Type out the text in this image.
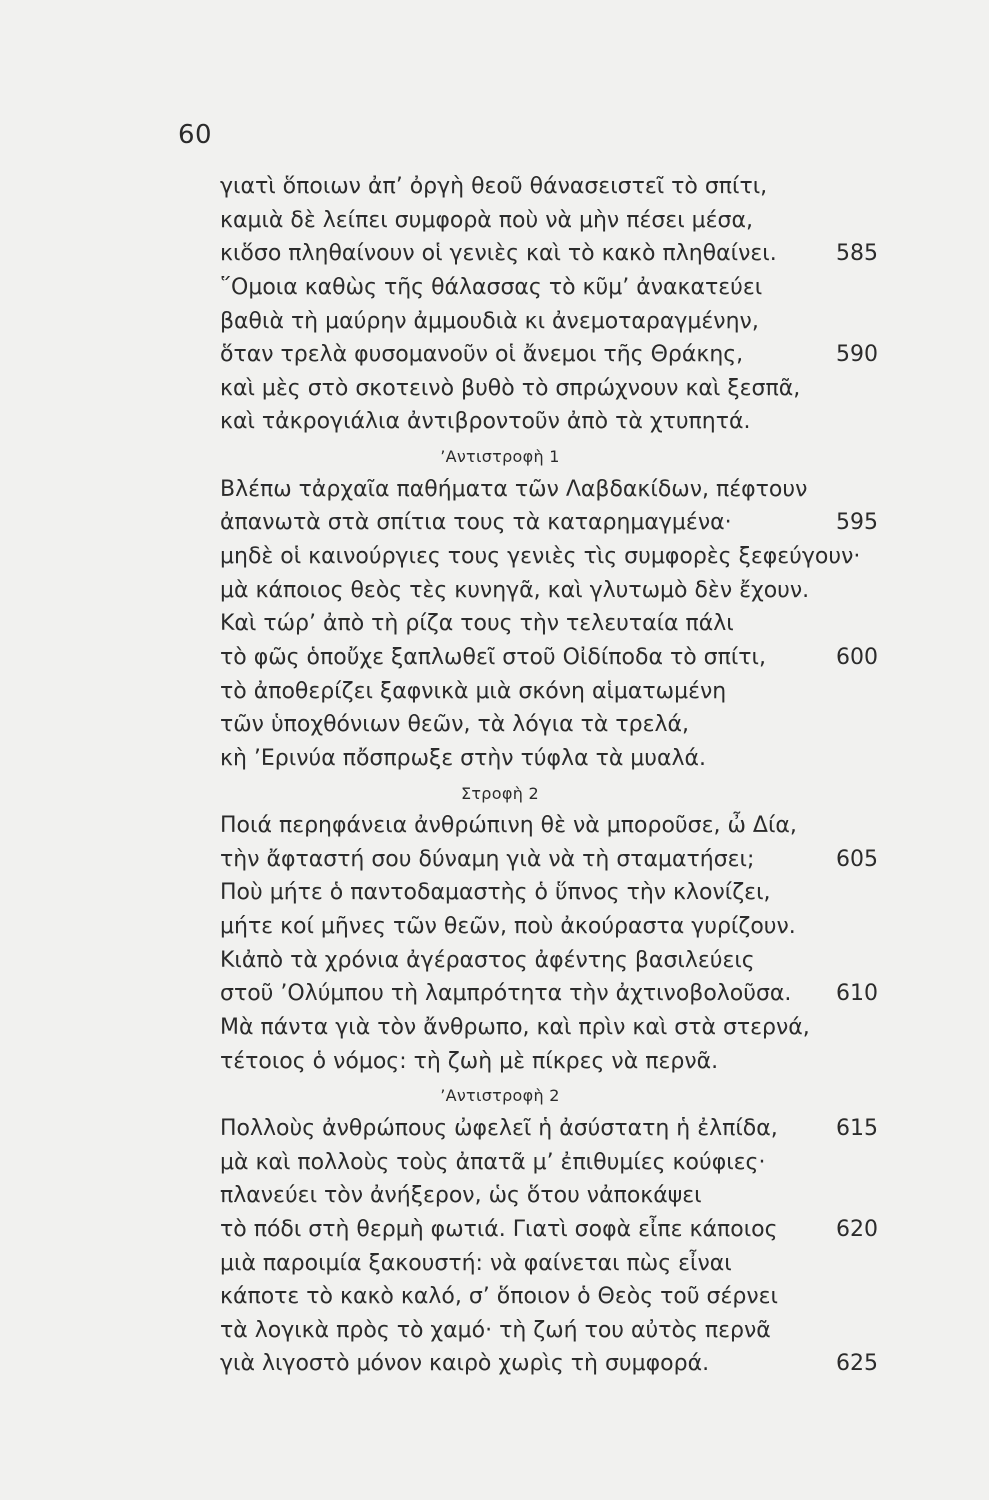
60
γιατὶ ὅποιων ἀπ’ ὀργὴ θεοῦ θάνασειστεῖ τὸ σπίτι,
καμιὰ δὲ λείπει συμφορὰ ποὺ νὰ μὴν πέσει μέσα,
κιὅσο πληθαίνουν οἱ γενιὲς καὶ τὸ κακὸ πληθαίνει.	585
῞Ομοια καθὼς τῆς θάλασσας τὸ κῦμ’ ἀνακατεύει
βαθιὰ τὴ μαύρην ἀμμουδιὰ κι ἀνεμοταραγμένην,
ὅταν τρελὰ φυσομανοῦν οἱ ἄνεμοι τῆς Θράκης,	590
καὶ μὲς στὸ σκοτεινὸ βυθὸ τὸ σπρώχνουν καὶ ξεσπᾶ,
καὶ τἀκρογιάλια ἀντιβροντοῦν ἀπὸ τὰ χτυπητά.
’Αντιστροφὴ 1
Βλέπω τἀρχαῖα παθήματα τῶν Λαβδακίδων, πέφτουν
ἀπανωτὰ στὰ σπίτια τους τὰ καταρημαγμένα·	595
μηδὲ οἱ καινούργιες τους γενιὲς τὶς συμφορὲς ξεφεύγουν·
μὰ κάποιος θεὸς τὲς κυνηγᾶ, καὶ γλυτωμὸ δὲν ἔχουν.
Καὶ τώρ’ ἀπὸ τὴ ρίζα τους τὴν τελευταία πάλι
τὸ φῶς ὁποὔχε ξαπλωθεῖ στοῦ Οἰδίποδα τὸ σπίτι,	600
τὸ ἀποθερίζει ξαφνικὰ μιὰ σκόνη αἱματωμένη
τῶν ὑποχθόνιων θεῶν, τὰ λόγια τὰ τρελά,
κὴ ’Ερινύα πὄσπρωξε στὴν τύφλα τὰ μυαλά.
Στροφὴ 2
Ποιά περηφάνεια ἀνθρώπινη θὲ νὰ μποροῦσε, ὦ Δία,
τὴν ἄφταστή σου δύναμη γιὰ νὰ τὴ σταματήσει;	605
Ποὺ μήτε ὁ παντοδαμαστὴς ὁ ὕπνος τὴν κλονίζει,
μήτε κοί μῆνες τῶν θεῶν, ποὺ ἀκούραστα γυρίζουν.
Κιἀπὸ τὰ χρόνια ἀγέραστος ἀφέντης βασιλεύεις
στοῦ ’Ολύμπου τὴ λαμπρότητα τὴν ἀχτινοβολοῦσα. 610
Μὰ πάντα γιὰ τὸν ἄνθρωπο, καὶ πρὶν καὶ στὰ στερνά,
τέτοιος ὁ νόμος: τὴ ζωὴ μὲ πίκρες νὰ περνᾶ.
’Αντιστροφὴ 2
Πολλοὺς ἀνθρώπους ὠφελεῖ ἡ ἀσύστατη ἡ ἐλπίδα,	615
μὰ καὶ πολλοὺς τοὺς ἀπατᾶ μ’ ἐπιθυμίες κούφιες·
πλανεύει τὸν ἀνήξερον, ὡς ὅτου νἀποκάψει
τὸ πόδι στὴ θερμὴ φωτιά. Γιατὶ σοφὰ εἶπε κάποιος	620
μιὰ παροιμία ξακουστή: νὰ φαίνεται πὼς εἶναι
κάποτε τὸ κακὸ καλό, σ’ ὅποιον ὁ Θεὸς τοῦ σέρνει
τὰ λογικὰ πρὸς τὸ χαμό· τὴ ζωή του αὐτὸς περνᾶ
γιὰ λιγοστὸ μόνον καιρὸ χωρὶς τὴ συμφορά.	625
